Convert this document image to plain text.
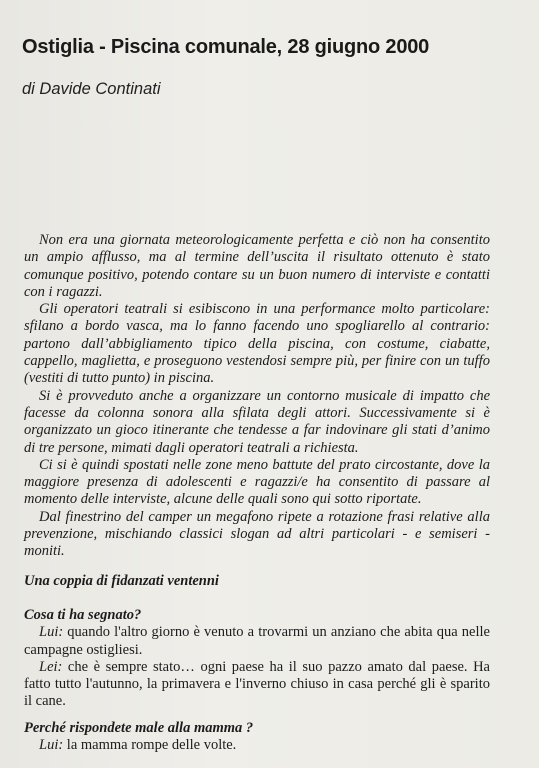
Ostiglia - Piscina comunale, 28 giugno 2000
di Davide Continati

Non era una giornata meteorologicamente perfetta e ciò non ha consentito un ampio afflusso, ma al termine dell’uscita il risultato ottenuto è stato comunque positivo, potendo contare su un buon numero di interviste e contatti con i ragazzi.

Gli operatori teatrali si esibiscono in una performance molto particolare: sfilano a bordo vasca, ma lo fanno facendo uno spogliarello al contrario: partono dall’abbigliamento tipico della piscina, con costume, ciabatte, cappello, maglietta, e proseguono vestendosi sempre più, per finire con un tuffo (vestiti di tutto punto) in piscina.

Si è provveduto anche a organizzare un contorno musicale di impatto che facesse da colonna sonora alla sfilata degli attori. Successivamente si è organizzato un gioco itinerante che tendesse a far indovinare gli stati d’animo di tre persone, mimati dagli operatori teatrali a richiesta.

Ci si è quindi spostati nelle zone meno battute del prato circostante, dove la maggiore presenza di adolescenti e ragazzi/e ha consentito di passare al momento delle interviste, alcune delle quali sono qui sotto riportate.

Dal finestrino del camper un megafono ripete a rotazione frasi relative alla prevenzione, mischiando classici slogan ad altri particolari - e semiseri - moniti.

Una coppia di fidanzati ventenni

Cosa ti ha segnato?

Lui: quando l'altro giorno è venuto a trovarmi un anziano che abita qua nelle campagne ostigliesi.

Lei: che è sempre stato… ogni paese ha il suo pazzo amato dal paese. Ha fatto tutto l'autunno, la primavera e l'inverno chiuso in casa perché gli è sparito il cane.

Perché rispondete male alla mamma ?

Lui: la mamma rompe delle volte.
